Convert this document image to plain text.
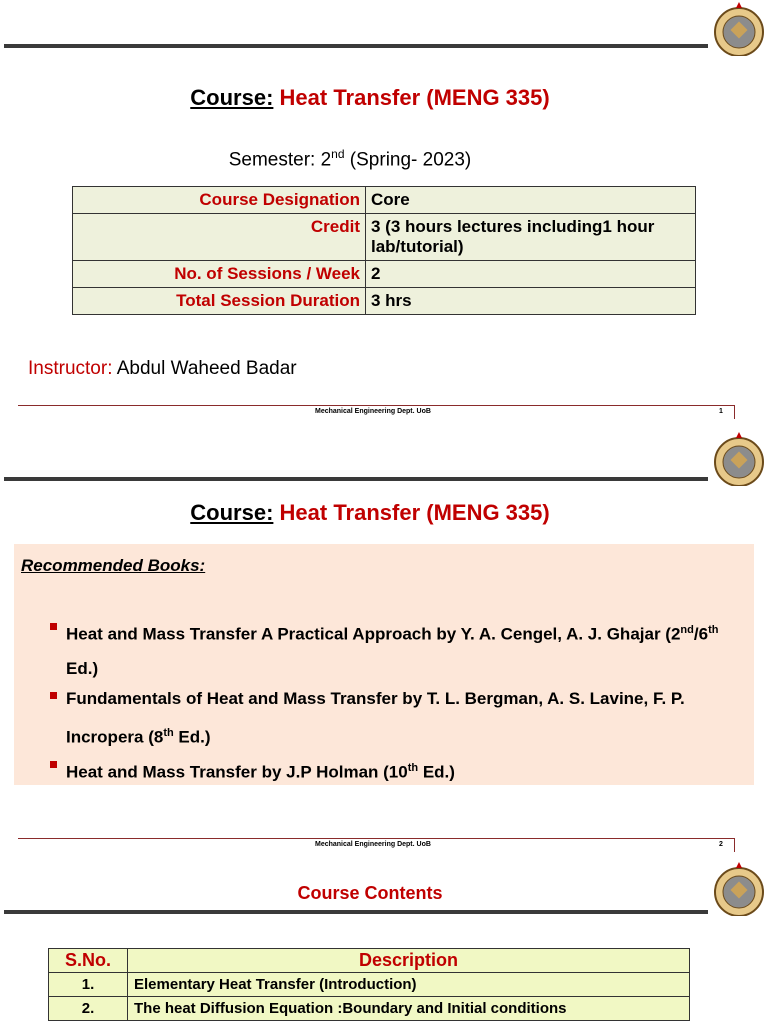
Course: Heat Transfer (MENG 335)
Semester: 2nd (Spring- 2023)
Course Designation	Core
Credit	3 (3 hours lectures including1 hour lab/tutorial)
No. of Sessions / Week	2
Total Session Duration	3 hrs
Instructor: Abdul Waheed Badar
Mechanical Engineering Dept. UoB	1
Course: Heat Transfer (MENG 335)
Recommended Books:
Heat and Mass Transfer A Practical Approach by Y. A. Cengel, A. J. Ghajar (2nd/6th Ed.)
Fundamentals of Heat and Mass Transfer by T. L. Bergman, A. S. Lavine, F. P. Incropera (8th Ed.)
Heat and Mass Transfer by J.P Holman (10th Ed.)
Mechanical Engineering Dept. UoB	2
Course Contents
S.No.	Description
1.	Elementary Heat Transfer (Introduction)
2.	The heat Diffusion Equation :Boundary and Initial conditions
